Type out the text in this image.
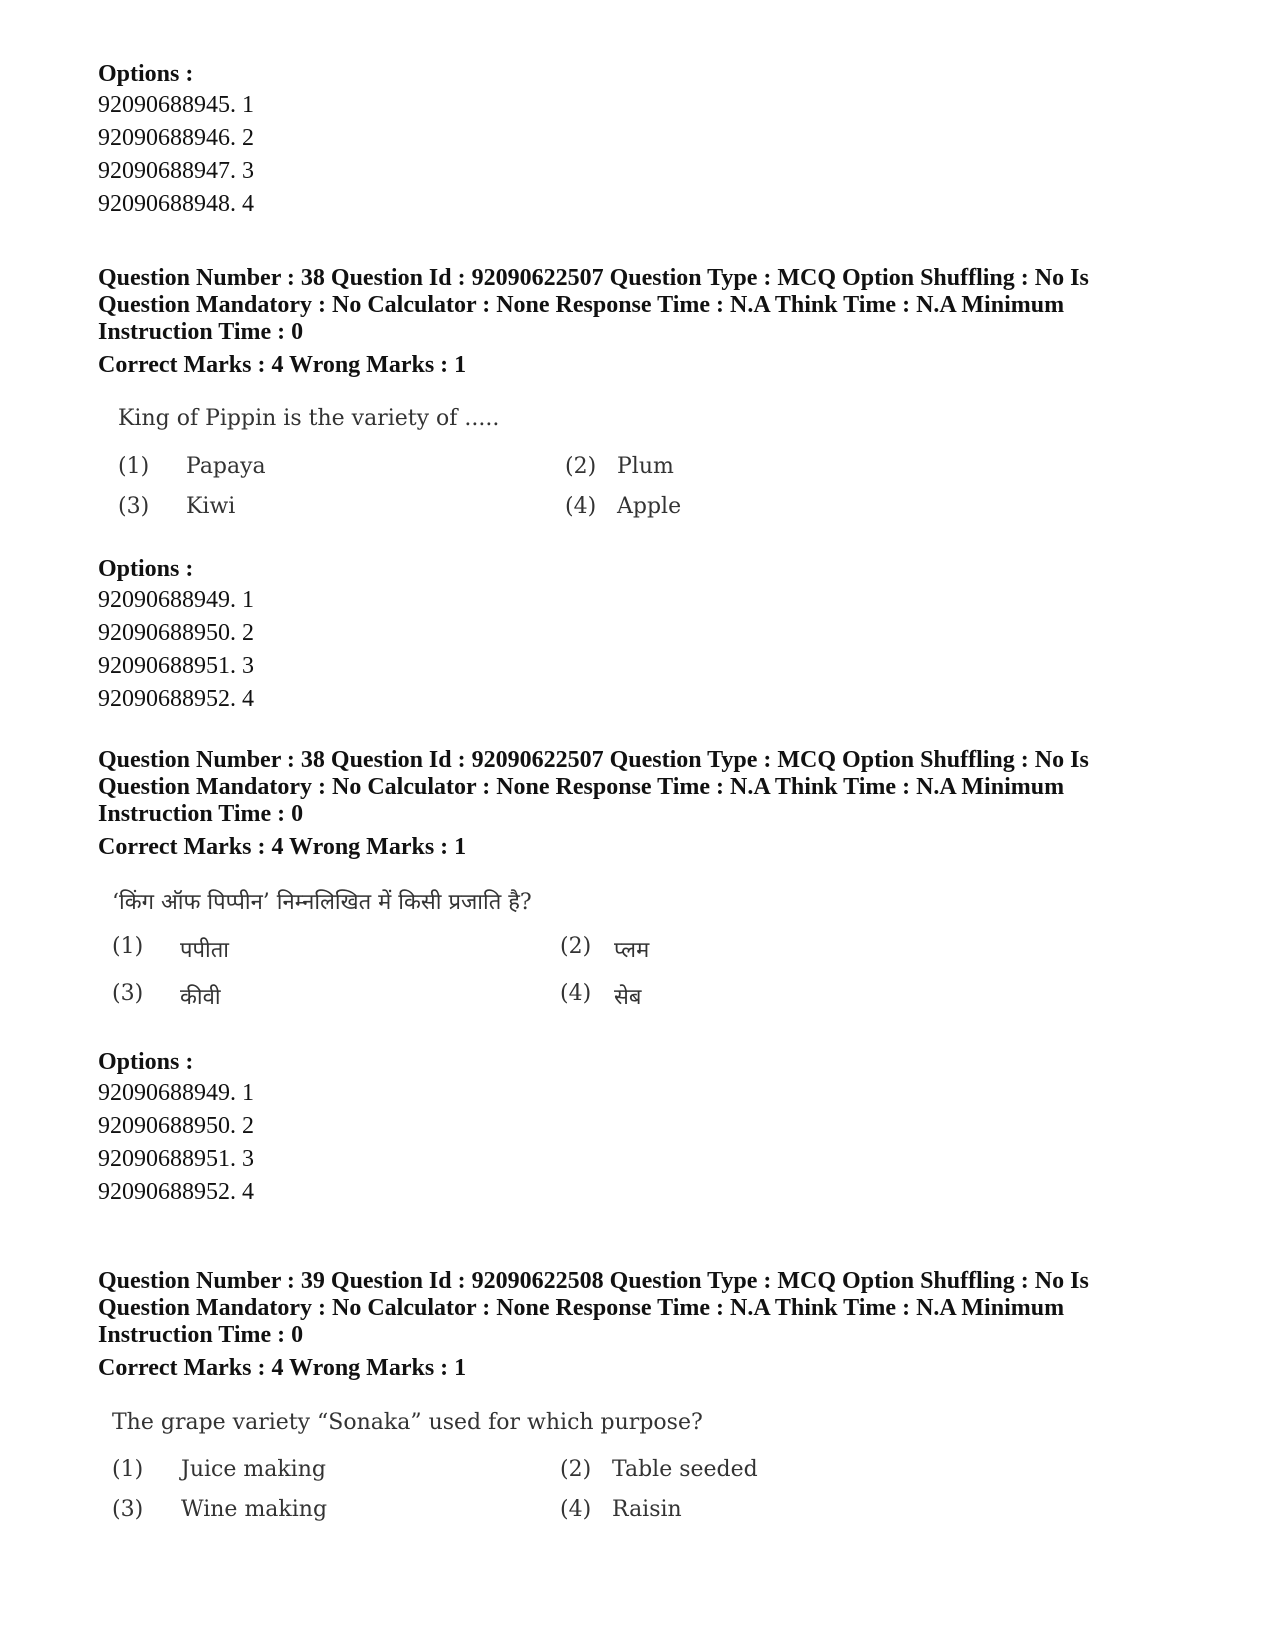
Options :
92090688945. 1
92090688946. 2
92090688947. 3
92090688948. 4
Question Number : 38 Question Id : 92090622507 Question Type : MCQ Option Shuffling : No Is
Question Mandatory : No Calculator : None Response Time : N.A Think Time : N.A Minimum
Instruction Time : 0
Correct Marks : 4 Wrong Marks : 1
King of Pippin is the variety of .....
(1) Papaya	(2) Plum
(3) Kiwi	(4) Apple
Options :
92090688949. 1
92090688950. 2
92090688951. 3
92090688952. 4
Question Number : 38 Question Id : 92090622507 Question Type : MCQ Option Shuffling : No Is
Question Mandatory : No Calculator : None Response Time : N.A Think Time : N.A Minimum
Instruction Time : 0
Correct Marks : 4 Wrong Marks : 1
‘किंग ऑफ पिप्पीन’ निम्नलिखित में किसी प्रजाति है?
(1) पपीता	(2) प्लम
(3) कीवी	(4) सेब
Options :
92090688949. 1
92090688950. 2
92090688951. 3
92090688952. 4
Question Number : 39 Question Id : 92090622508 Question Type : MCQ Option Shuffling : No Is
Question Mandatory : No Calculator : None Response Time : N.A Think Time : N.A Minimum
Instruction Time : 0
Correct Marks : 4 Wrong Marks : 1
The grape variety “Sonaka” used for which purpose?
(1) Juice making	(2) Table seeded
(3) Wine making	(4) Raisin
